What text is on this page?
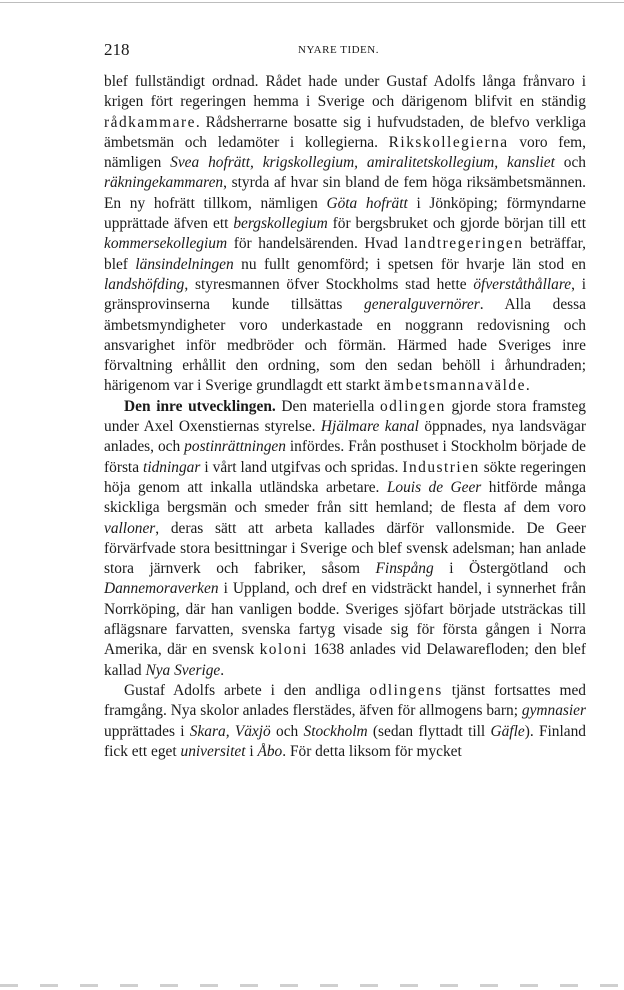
218	NYARE TIDEN.

blef fullständigt ordnad. Rådet hade under Gustaf Adolfs långa frånvaro i krigen fört regeringen hemma i Sverige och därigenom blifvit en ständig rådkammare. Rådsherrarne bosatte sig i hufvudstaden, de blefvo verkliga ämbetsmän och ledamöter i kollegierna. Rikskollegierna voro fem, nämligen Svea hofrätt, krigskollegium, amiralitetskollegium, kansliet och räkningekammaren, styrda af hvar sin bland de fem höga riksämbetsmännen. En ny hofrätt tillkom, nämligen Göta hofrätt i Jönköping; förmyndarne upprättade äfven ett bergskollegium för bergsbruket och gjorde början till ett kommersekollegium för handelsärenden. Hvad landtregeringen beträffar, blef länsindelningen nu fullt genomförd; i spetsen för hvarje län stod en landshöfding, styresmannen öfver Stockholms stad hette öfverståthållare, i gränsprovinserna kunde tillsättas generalguvernörer. Alla dessa ämbetsmyndigheter voro underkastade en noggrann redovisning och ansvarighet inför medbröder och förmän. Härmed hade Sveriges inre förvaltning erhållit den ordning, som den sedan behöll i århundraden; härigenom var i Sverige grundlagdt ett starkt ämbetsmannavälde.

Den inre utvecklingen. Den materiella odlingen gjorde stora framsteg under Axel Oxenstiernas styrelse. Hjälmare kanal öppnades, nya landsvägar anlades, och postinrättningen infördes. Från posthuset i Stockholm började de första tidningar i vårt land utgifvas och spridas. Industrien sökte regeringen höja genom att inkalla utländska arbetare. Louis de Geer hitförde många skickliga bergsmän och smeder från sitt hemland; de flesta af dem voro valloner, deras sätt att arbeta kallades därför vallonsmide. De Geer förvärfvade stora besittningar i Sverige och blef svensk adelsman; han anlade stora järnverk och fabriker, såsom Finspång i Östergötland och Dannemoraverken i Uppland, och dref en vidsträckt handel, i synnerhet från Norrköping, där han vanligen bodde. Sveriges sjöfart började utsträckas till aflägsnare farvatten, svenska fartyg visade sig för första gången i Norra Amerika, där en svensk koloni 1638 anlades vid Delawarefloden; den blef kallad Nya Sverige.

Gustaf Adolfs arbete i den andliga odlingens tjänst fortsattes med framgång. Nya skolor anlades flerstädes, äfven för allmogens barn; gymnasier upprättades i Skara, Växjö och Stockholm (sedan flyttadt till Gäfle). Finland fick ett eget universitet i Åbo. För detta liksom för mycket
